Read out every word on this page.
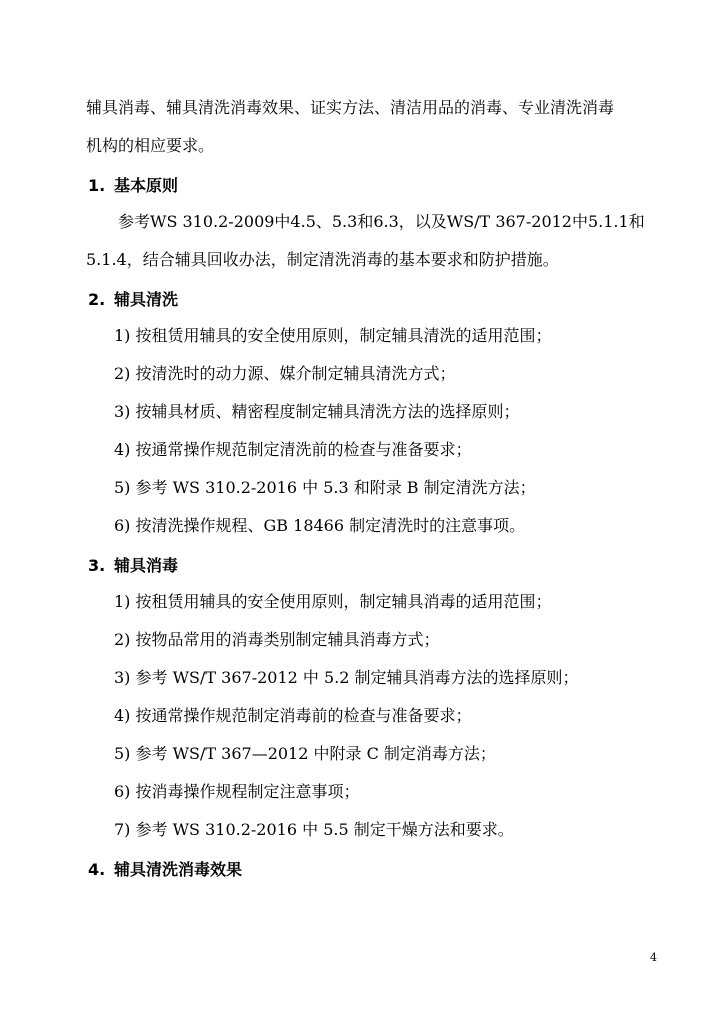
辅具消毒、辅具清洗消毒效果、证实方法、清洁用品的消毒、专业清洗消毒
机构的相应要求。
1. 基本原则
参考WS 310.2-2009中4.5、5.3和6.3，以及WS/T 367-2012中5.1.1和
5.1.4，结合辅具回收办法，制定清洗消毒的基本要求和防护措施。
2. 辅具清洗
1) 按租赁用辅具的安全使用原则，制定辅具清洗的适用范围；
2) 按清洗时的动力源、媒介制定辅具清洗方式；
3) 按辅具材质、精密程度制定辅具清洗方法的选择原则；
4) 按通常操作规范制定清洗前的检查与准备要求；
5) 参考 WS 310.2-2016 中 5.3 和附录 B 制定清洗方法；
6) 按清洗操作规程、GB 18466 制定清洗时的注意事项。
3. 辅具消毒
1) 按租赁用辅具的安全使用原则，制定辅具消毒的适用范围；
2) 按物品常用的消毒类别制定辅具消毒方式；
3) 参考 WS/T 367-2012 中 5.2 制定辅具消毒方法的选择原则；
4) 按通常操作规范制定消毒前的检查与准备要求；
5) 参考 WS/T 367—2012 中附录 C 制定消毒方法；
6) 按消毒操作规程制定注意事项；
7) 参考 WS 310.2-2016 中 5.5 制定干燥方法和要求。
4. 辅具清洗消毒效果
4
